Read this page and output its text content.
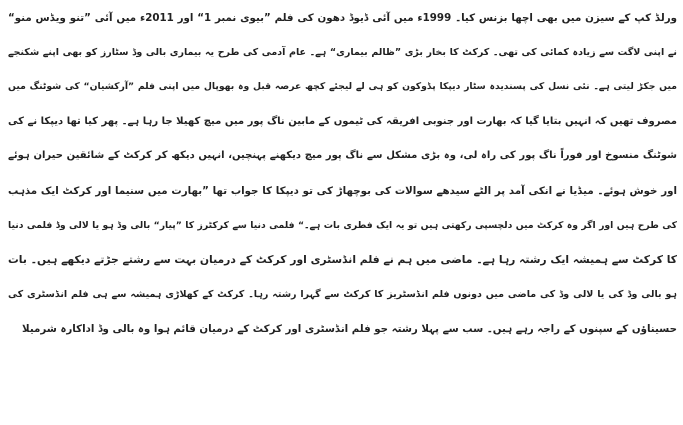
ورلڈ کپ کے سیزن میں بھی اچھا بزنس کیا۔ 1999ء میں آئی ڈیوڈ دھون کی فلم ”بیوی نمبر 1“ اور 2011ء میں آئی ”تنو ویڈس منو“
نے اپنی لاگت سے زیادہ کمائی کی تھی۔ کرکٹ کا بخار بڑی ”ظالم بیماری“ ہے۔ عام آدمی کی طرح یہ بیماری بالی وڈ سٹارز کو بھی اپنے شکنجے
میں جکڑ لیتی ہے۔ نئی نسل کی پسندیدہ سٹار دیپکا پڈوکون کو ہی لے لیجئے کچھ عرصہ قبل وہ بھوپال میں اپنی فلم ”آرکشیان“ کی شوٹنگ میں
مصروف تھیں کہ انہیں بتایا گیا کہ بھارت اور جنوبی افریقہ کی ٹیموں کے مابین ناگ پور میں میچ کھیلا جا رہا ہے۔ پھر کیا تھا دیپکا نے کی
شوٹنگ منسوخ اور فوراً ناگ پور کی راہ لی، وہ بڑی مشکل سے ناگ پور میچ دیکھنے پہنچیں، انہیں دیکھ کر کرکٹ کے شائقین حیران ہوئے
اور خوش ہوئے۔ میڈیا نے انکی آمد پر الٹے سیدھے سوالات کی بوچھاڑ کی تو دیپکا کا جواب تھا ”بھارت میں سنیما اور کرکٹ ایک مذہب
کی طرح ہیں اور اگر وہ کرکٹ میں دلچسپی رکھتی ہیں تو یہ ایک فطری بات ہے۔“ فلمی دنیا سے کرکٹرز کا ”پیار“ بالی وڈ ہو یا لالی وڈ فلمی دنیا
کا کرکٹ سے ہمیشہ ایک رشتہ رہا ہے۔ ماضی میں ہم نے فلم انڈسٹری اور کرکٹ کے درمیان بہت سے رشتے جڑتے دیکھے ہیں۔ بات
ہو بالی وڈ کی یا لالی وڈ کی ماضی میں دونوں فلم انڈسٹریز کا کرکٹ سے گہرا رشتہ رہا۔ کرکٹ کے کھلاڑی ہمیشہ سے ہی فلم انڈسٹری کی
حسیناؤں کے سپنوں کے راجہ رہے ہیں۔ سب سے پہلا رشتہ جو فلم انڈسٹری اور کرکٹ کے درمیان قائم ہوا وہ بالی وڈ اداکارہ شرمیلا
